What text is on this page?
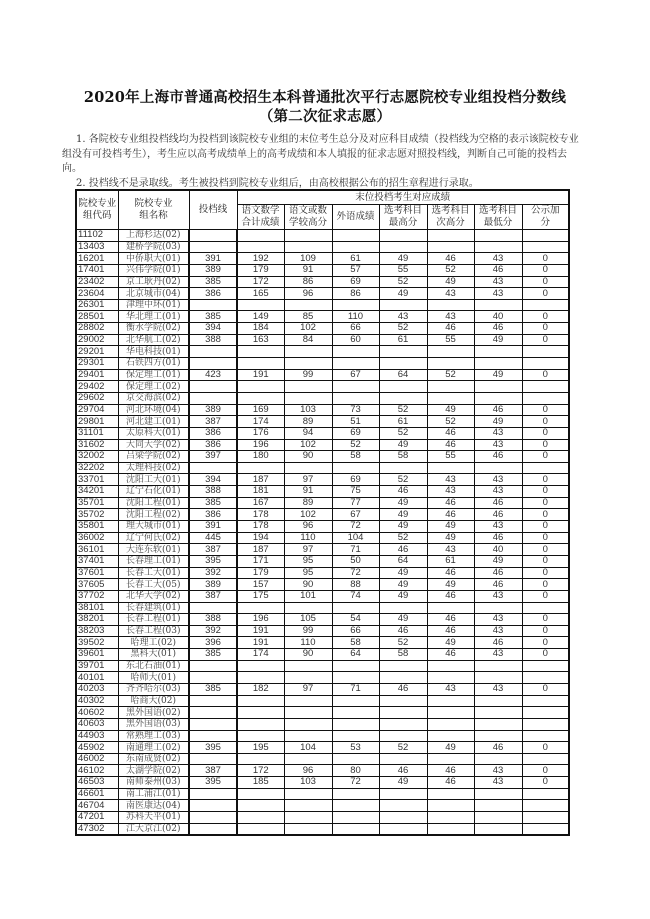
2020年上海市普通高校招生本科普通批次平行志愿院校专业组投档分数线
（第二次征求志愿）

1. 各院校专业组投档线均为投档到该院校专业组的末位考生总分及对应科目成绩（投档线为空格的表示该院校专业组没有可投档考生），考生应以高考成绩单上的高考成绩和本人填报的征求志愿对照投档线，判断自己可能的投档去向。

2. 投档线不是录取线。考生被投档到院校专业组后，由高校根据公布的招生章程进行录取。

院校专业组代码	院校专业组名称	投档线	末位投档考生对应成绩						
			语文数学合计成绩	语文或数学较高分	外语成绩	选考科目最高分	选考科目次高分	选考科目最低分	公示加分
11102	上海杉达(02)								
13403	建桥学院(03)								
16201	中侨职大(01)	391	192	109	61	49	46	43	0
17401	兴伟学院(01)	389	179	91	57	55	52	46	0
23402	京工耿丹(02)	385	172	86	69	52	49	43	0
23604	北京城市(04)	386	165	96	86	49	43	43	0
26301	津理中环(01)								
28501	华北理工(01)	385	149	85	110	43	43	40	0
28802	衡水学院(02)	394	184	102	66	52	46	46	0
29002	北华航工(02)	388	163	84	60	61	55	49	0
29201	华电科技(01)								
29301	石铁四方(01)								
29401	保定理工(01)	423	191	99	67	64	52	49	0
29402	保定理工(02)								
29602	京交海滨(02)								
29704	河北环境(04)	389	169	103	73	52	49	46	0
29801	河北建工(01)	387	174	89	51	61	52	49	0
31101	太原科大(01)	386	176	94	69	52	46	43	0
31602	大同大学(02)	386	196	102	52	49	46	43	0
32002	吕梁学院(02)	397	180	90	58	58	55	46	0
32202	太理科技(02)								
33701	沈阳工大(01)	394	187	97	69	52	43	43	0
34201	辽宁石化(01)	388	181	91	75	46	43	43	0
35701	沈阳工程(01)	385	167	89	77	49	46	46	0
35702	沈阳工程(02)	386	178	102	67	49	46	46	0
35801	理大城市(01)	391	178	96	72	49	49	43	0
36002	辽宁何氏(02)	445	194	110	104	52	49	46	0
36101	大连东软(01)	387	187	97	71	46	43	40	0
37401	长春理工(01)	395	171	95	50	64	61	49	0
37601	长春工大(01)	392	179	95	72	49	46	46	0
37605	长春工大(05)	389	157	90	88	49	49	46	0
37702	北华大学(02)	387	175	101	74	49	46	43	0
38101	长春建筑(01)								
38201	长春工程(01)	388	196	105	54	49	46	43	0
38203	长春工程(03)	392	191	99	66	46	46	43	0
39502	哈理工(02)	396	191	110	58	52	49	46	0
39601	黑科大(01)	385	174	90	64	58	46	43	0
39701	东北石油(01)								
40101	哈师大(01)								
40203	齐齐哈尔(03)	385	182	97	71	46	43	43	0
40302	哈商大(02)								
40602	黑外国语(02)								
40603	黑外国语(03)								
44903	常熟理工(03)								
45902	南通理工(02)	395	195	104	53	52	49	46	0
46002	东南成贤(02)								
46102	太湖学院(02)	387	172	96	80	46	46	43	0
46503	南师泰州(03)	395	185	103	72	49	46	43	0
46601	南工浦江(01)								
46704	南医康达(04)								
47201	苏科天平(01)								
47302	江大京江(02)								
